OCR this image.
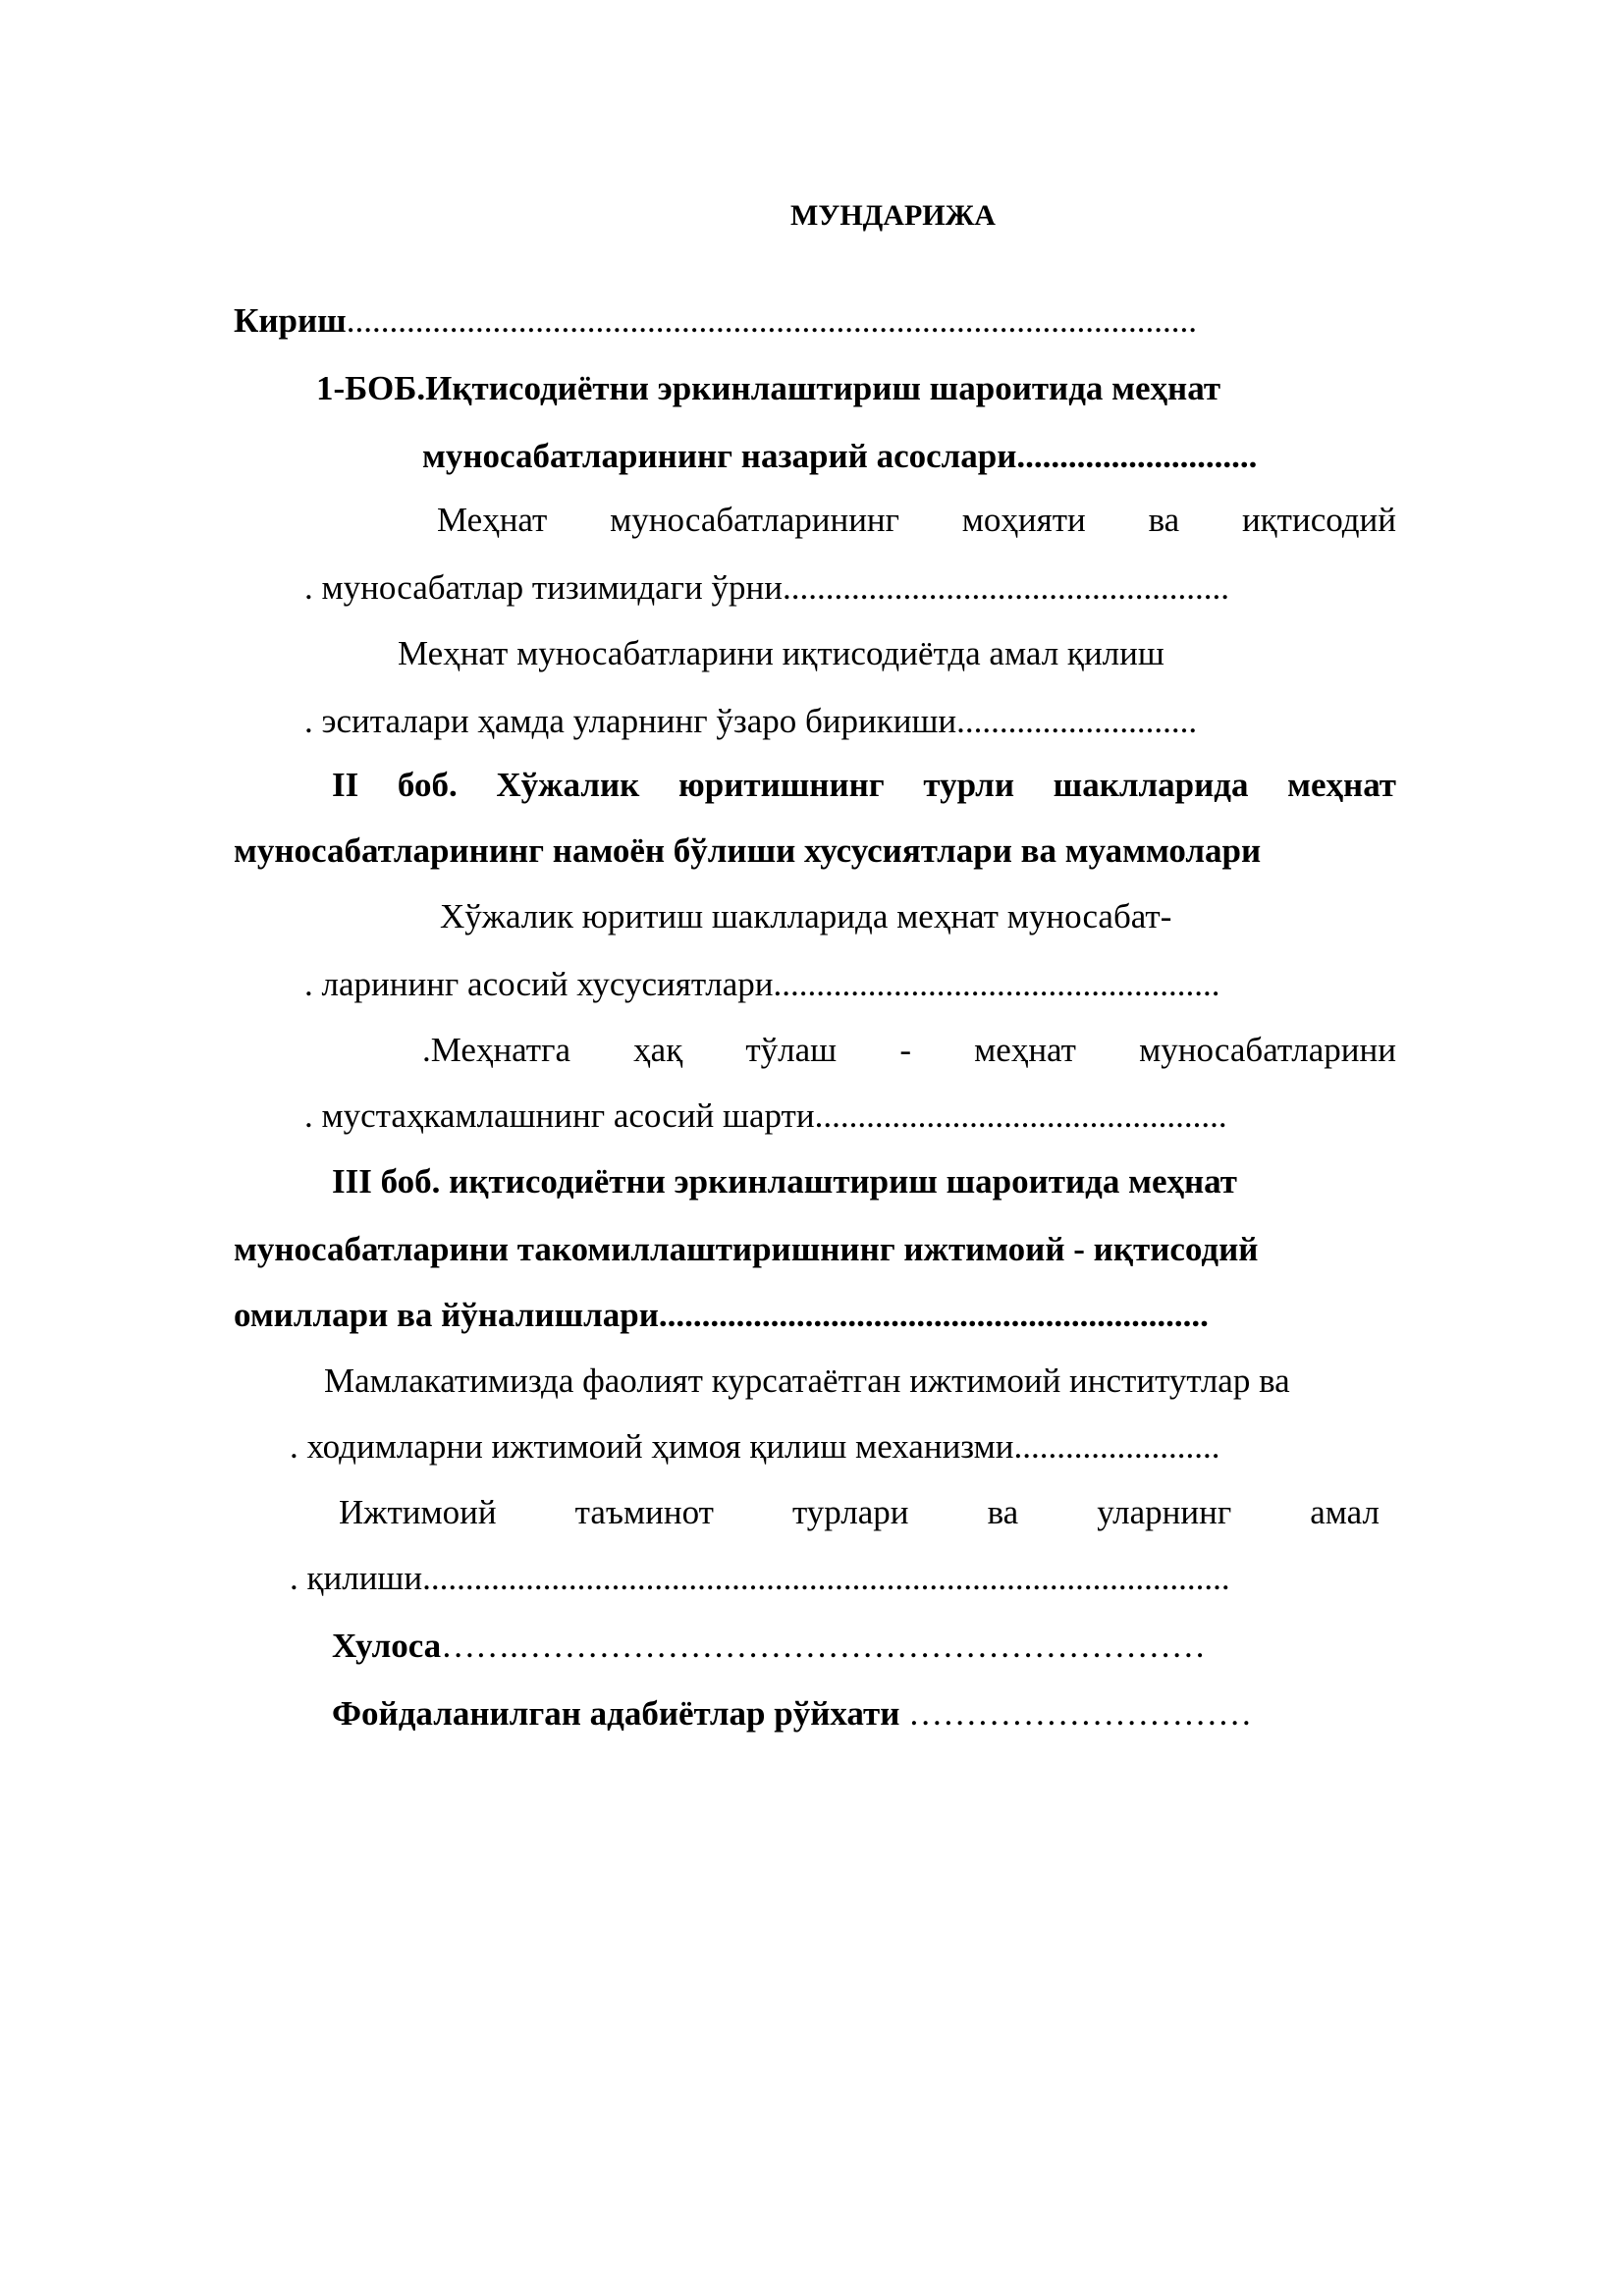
МУНДАРИЖА
Кириш...................................................................................................
1-БОБ.Иқтисодиётни эркинлаштириш шароитида меҳнат
муносабатларининг назарий асослари............................
Меҳнат муносабатларининг моҳияти ва иқтисодий
. муносабатлар тизимидаги ўрни....................................................
Меҳнат муносабатларини иқтисодиётда амал қилиш
. эситалари ҳамда уларнинг ўзаро бирикиши............................
II боб. Хўжалик юритишнинг турли шаклларида меҳнат
муносабатларининг намоён бўлиши хусусиятлари ва муаммолари
Хўжалик юритиш шаклларида меҳнат муносабат-
. ларининг асосий хусусиятлари....................................................
.Меҳнатга ҳақ тўлаш - меҳнат муносабатларини
. мустаҳкамлашнинг асосий шарти................................................
III боб. иқтисодиётни эркинлаштириш шароитида меҳнат
муносабатларини такомиллаштиришнинг ижтимоий - иқтисодий
омиллари ва йўналишлари................................................................
Мамлакатимизда фаолият курсатаётган ижтимоий институтлар ва
. ходимларни ижтимоий ҳимоя қилиш механизми........................
Ижтимоий таъминот турлари ва уларнинг амал
. қилиши..............................................................................................
Хулоса…….……………………………………………………
Фойдаланилган адабиётлар рўйхати …………………………
